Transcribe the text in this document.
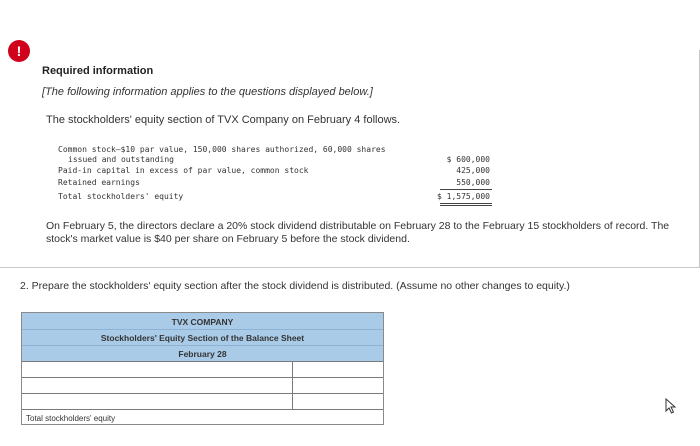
!
Required information
[The following information applies to the questions displayed below.]
The stockholders' equity section of TVX Company on February 4 follows.
Common stock—$10 par value, 150,000 shares authorized, 60,000 shares
issued and outstanding
Paid-in capital in excess of par value, common stock
Retained earnings
Total stockholders' equity
$ 600,000
425,000
550,000
$ 1,575,000
On February 5, the directors declare a 20% stock dividend distributable on February 28 to the February 15 stockholders of record. The stock's market value is $40 per share on February 5 before the stock dividend.
2. Prepare the stockholders' equity section after the stock dividend is distributed. (Assume no other changes to equity.)
TVX COMPANY
Stockholders' Equity Section of the Balance Sheet
February 28
Total stockholders' equity
